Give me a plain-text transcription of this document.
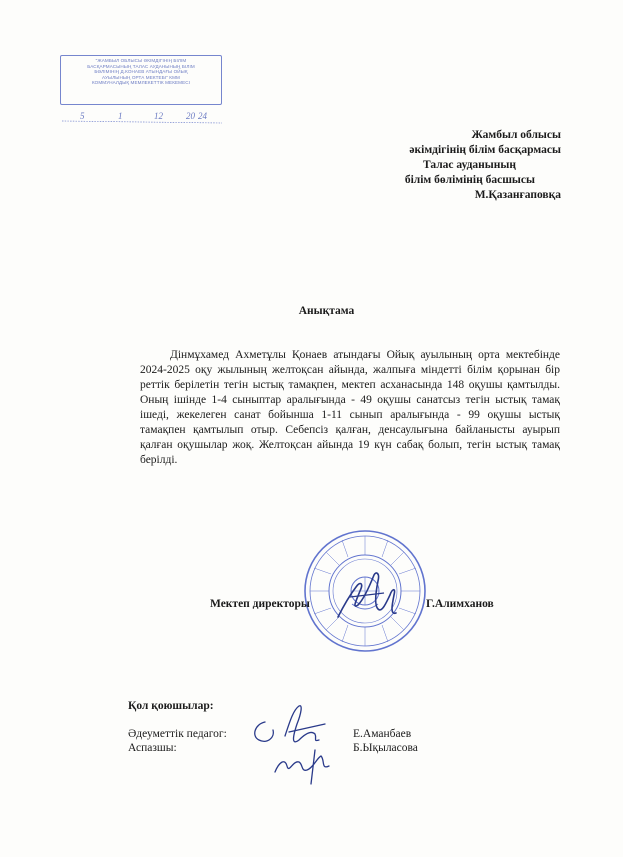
"ЖАМБЫЛ ОБЛЫСЫ ӘКІМДІГІНІҢ БІЛІМ
БАСҚАРМАСЫНЫҢ ТАЛАС АУДАНЫНЫҢ БІЛІМ
БӨЛІМІНІҢ Д.КОНАЕВ АТЫНДАҒЫ ОЙЫҚ
АУЫЛЫНЫҢ ОРТА МЕКТЕБІ" КММ
КОММУНАЛДЫҚ МЕМЛЕКЕТТІК МЕКЕМЕСІ
5	1	12	20 24
Жамбыл облысы
әкімдігінің білім басқармасы
Талас ауданының
білім бөлімінің басшысы
М.Қазанғаповқа
Анықтама

Дінмұхамед Ахметұлы Қонаев атындағы Ойық ауылының орта мектебінде 2024-2025 оқу жылының желтоқсан айында, жалпыға міндетті білім қорынан бір реттік берілетін тегін ыстық тамақпен, мектеп асханасында 148 оқушы қамтылды. Оның ішінде 1-4 сыныптар аралығында - 49 оқушы санатсыз тегін ыстық тамақ ішеді, жекелеген санат бойынша 1-11 сынып аралығында - 99 оқушы ыстық тамақпен қамтылып отыр. Себепсіз қалған, денсаулығына байланысты ауырып қалған оқушылар жоқ. Желтоқсан айында 19 күн сабақ болып, тегін ыстық тамақ берілді.

Мектеп директоры	Г.Алимханов
Қол қоюшылар:
Әдеуметтік педагог:	Е.Аманбаев
Аспазшы:	Б.Ықыласова
